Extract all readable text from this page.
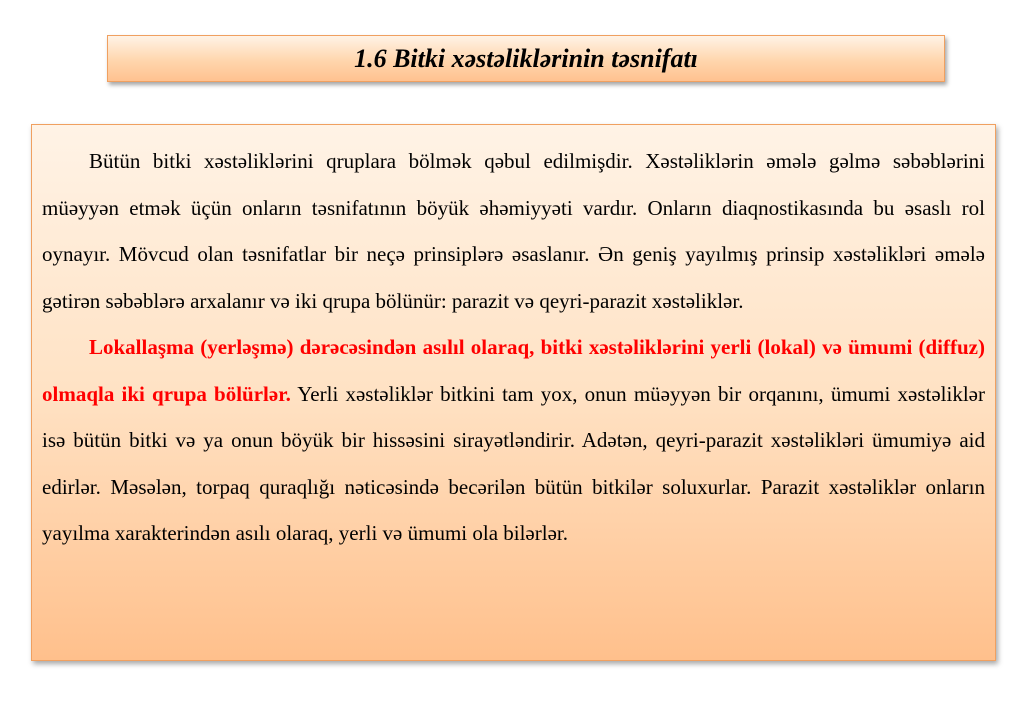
1.6 Bitki xəstəliklərinin təsnifatı

Bütün bitki xəstəliklərini qruplara bölmək qəbul edilmişdir. Xəstəliklərin əmələ gəlmə səbəblərini müəyyən etmək üçün onların təsnifatının böyük əhəmiyyəti vardır. Onların diaqnostikasında bu əsaslı rol oynayır. Mövcud olan təsnifatlar bir neçə prinsiplərə əsaslanır. Ən geniş yayılmış prinsip xəstəlikləri əmələ gətirən səbəblərə arxalanır və iki qrupa bölünür: parazit və qeyri-parazit xəstəliklər.

Lokallaşma (yerləşmə) dərəcəsindən asılıl olaraq, bitki xəstəliklərini yerli (lokal) və ümumi (diffuz) olmaqla iki qrupa bölürlər. Yerli xəstəliklər bitkini tam yox, onun müəyyən bir orqanını, ümumi xəstəliklər isə bütün bitki və ya onun böyük bir hissəsini sirayətləndirir. Adətən, qeyri-parazit xəstəlikləri ümumiyə aid edirlər. Məsələn, torpaq quraqlığı nəticəsində becərilən bütün bitkilər soluxurlar. Parazit xəstəliklər onların yayılma xarakterindən asılı olaraq, yerli və ümumi ola bilərlər.
